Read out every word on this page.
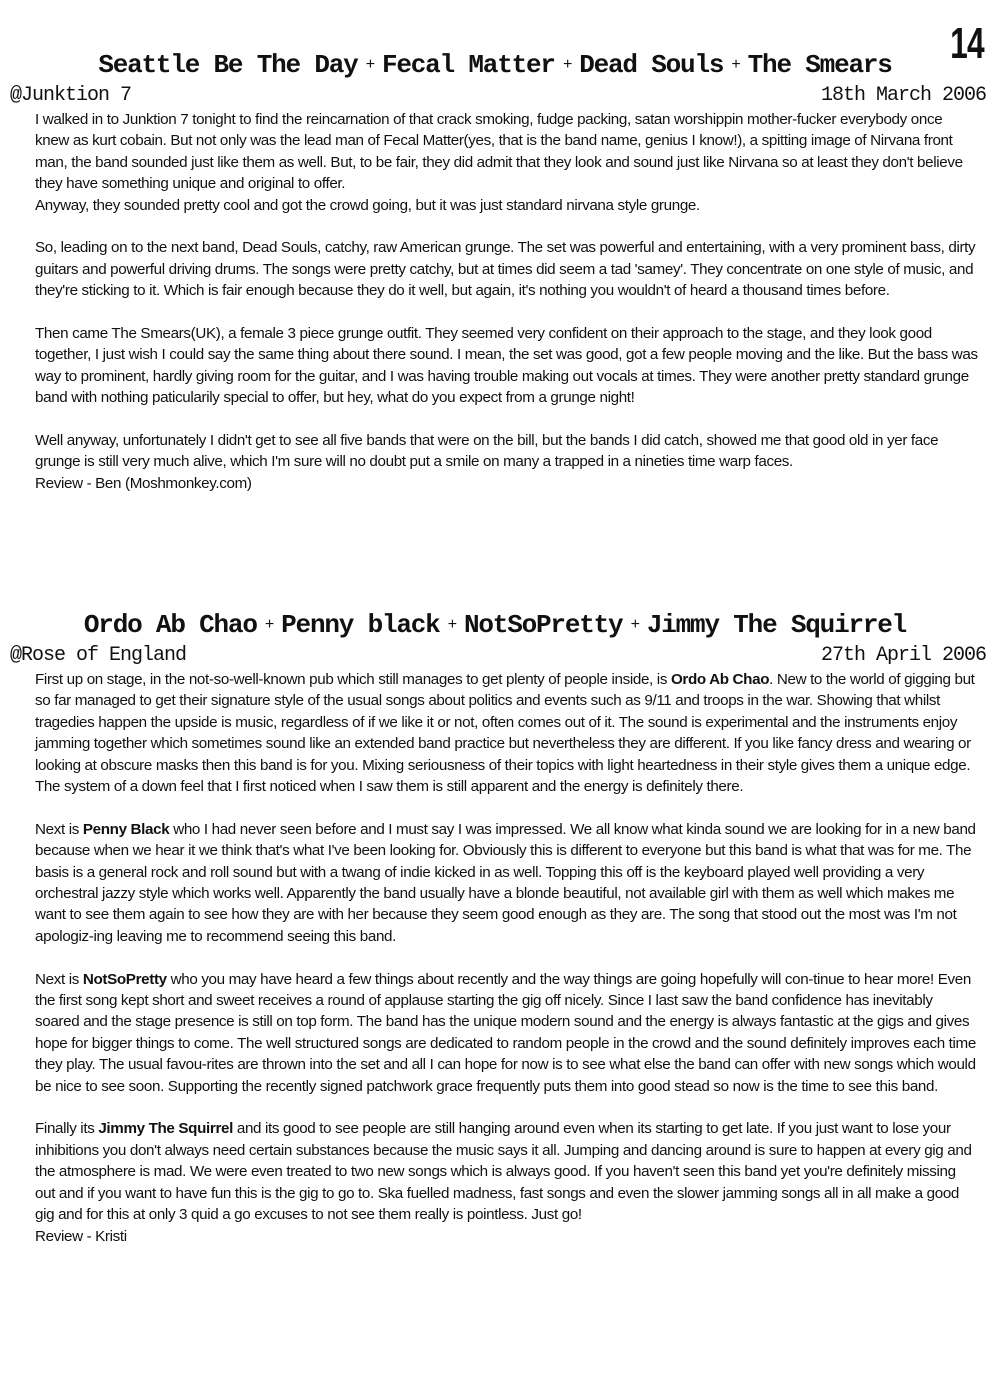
14
Seattle Be The Day + Fecal Matter + Dead Souls + The Smears
@Junktion 7	18th March 2006

I walked in to Junktion 7 tonight to find the reincarnation of that crack smoking, fudge packing, satan worshippin mother-fucker everybody once knew as kurt cobain. But not only was the lead man of Fecal Matter(yes, that is the band name, genius I know!), a spitting image of Nirvana front man, the band sounded just like them as well. But, to be fair, they did admit that they look and sound just like Nirvana so at least they don't believe they have something unique and original to offer.

Anyway, they sounded pretty cool and got the crowd going, but it was just standard nirvana style grunge.

So, leading on to the next band, Dead Souls, catchy, raw American grunge. The set was powerful and entertaining, with a very prominent bass, dirty guitars and powerful driving drums. The songs were pretty catchy, but at times did seem a tad 'samey'. They concentrate on one style of music, and they're sticking to it. Which is fair enough because they do it well, but again, it's nothing you wouldn't of heard a thousand times before.

Then came The Smears(UK), a female 3 piece grunge outfit. They seemed very confident on their approach to the stage, and they look good together, I just wish I could say the same thing about there sound. I mean, the set was good, got a few people moving and the like. But the bass was way to prominent, hardly giving room for the guitar, and I was having trouble making out vocals at times. They were another pretty standard grunge band with nothing paticularily special to offer, but hey, what do you expect from a grunge night!

Well anyway, unfortunately I didn't get to see all five bands that were on the bill, but the bands I did catch, showed me that good old in yer face grunge is still very much alive, which I'm sure will no doubt put a smile on many a trapped in a nineties time warp faces.

Review - Ben (Moshmonkey.com)

Ordo Ab Chao + Penny black + NotSoPretty + Jimmy The Squirrel
@Rose of England	27th April 2006

First up on stage, in the not-so-well-known pub which still manages to get plenty of people inside, is Ordo Ab Chao. New to the world of gigging but so far managed to get their signature style of the usual songs about politics and events such as 9/11 and troops in the war. Showing that whilst tragedies happen the upside is music, regardless of if we like it or not, often comes out of it. The sound is experimental and the instruments enjoy jamming together which sometimes sound like an extended band practice but nevertheless they are different. If you like fancy dress and wearing or looking at obscure masks then this band is for you. Mixing seriousness of their topics with light heartedness in their style gives them a unique edge. The system of a down feel that I first noticed when I saw them is still apparent and the energy is definitely there.

Next is Penny Black who I had never seen before and I must say I was impressed. We all know what kinda sound we are looking for in a new band because when we hear it we think that's what I've been looking for. Obviously this is different to everyone but this band is what that was for me. The basis is a general rock and roll sound but with a twang of indie kicked in as well. Topping this off is the keyboard played well providing a very orchestral jazzy style which works well. Apparently the band usually have a blonde beautiful, not available girl with them as well which makes me want to see them again to see how they are with her because they seem good enough as they are. The song that stood out the most was I'm not apologiz-ing leaving me to recommend seeing this band.

Next is NotSoPretty who you may have heard a few things about recently and the way things are going hopefully will con-tinue to hear more! Even the first song kept short and sweet receives a round of applause starting the gig off nicely. Since I last saw the band confidence has inevitably soared and the stage presence is still on top form. The band has the unique modern sound and the energy is always fantastic at the gigs and gives hope for bigger things to come. The well structured songs are dedicated to random people in the crowd and the sound definitely improves each time they play. The usual favou-rites are thrown into the set and all I can hope for now is to see what else the band can offer with new songs which would be nice to see soon. Supporting the recently signed patchwork grace frequently puts them into good stead so now is the time to see this band.

Finally its Jimmy The Squirrel and its good to see people are still hanging around even when its starting to get late. If you just want to lose your inhibitions you don't always need certain substances because the music says it all. Jumping and dancing around is sure to happen at every gig and the atmosphere is mad. We were even treated to two new songs which is always good. If you haven't seen this band yet you're definitely missing out and if you want to have fun this is the gig to go to. Ska fuelled madness, fast songs and even the slower jamming songs all in all make a good gig and for this at only 3 quid a go excuses to not see them really is pointless. Just go!

Review - Kristi
